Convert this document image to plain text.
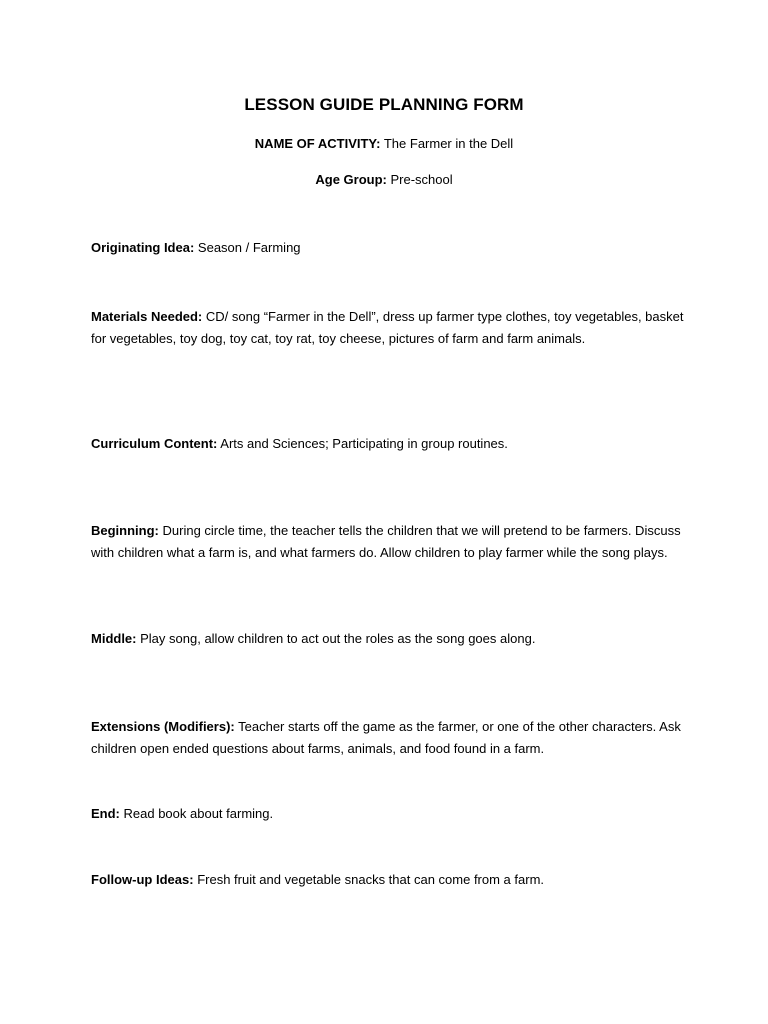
LESSON GUIDE PLANNING FORM
NAME OF ACTIVITY: The Farmer in the Dell
Age Group: Pre-school
Originating Idea: Season / Farming
Materials Needed: CD/ song “Farmer in the Dell”, dress up farmer type clothes, toy vegetables, basket for vegetables, toy dog, toy cat, toy rat, toy cheese, pictures of farm and farm animals.
Curriculum Content: Arts and Sciences; Participating in group routines.
Beginning: During circle time, the teacher tells the children that we will pretend to be farmers. Discuss with children what a farm is, and what farmers do. Allow children to play farmer while the song plays.
Middle: Play song, allow children to act out the roles as the song goes along.
Extensions (Modifiers): Teacher starts off the game as the farmer, or one of the other characters. Ask children open ended questions about farms, animals, and food found in a farm.
End: Read book about farming.
Follow-up Ideas: Fresh fruit and vegetable snacks that can come from a farm.
